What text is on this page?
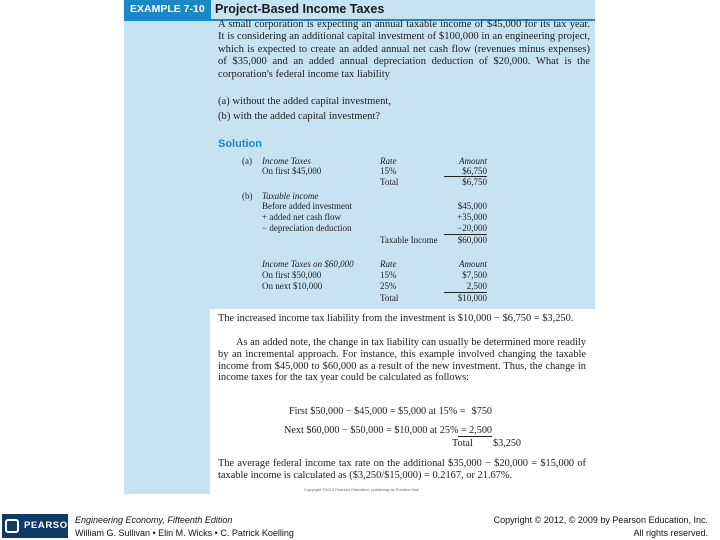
EXAMPLE 7-10 Project-Based Income Taxes
A small corporation is expecting an annual taxable income of $45,000 for its tax year. It is considering an additional capital investment of $100,000 in an engineering project, which is expected to create an added annual net cash flow (revenues minus expenses) of $35,000 and an added annual depreciation deduction of $20,000. What is the corporation's federal income tax liability
(a) without the added capital investment,
(b) with the added capital investment?
Solution
(a) Income Taxes	Rate	Amount
On first $45,000	15%	$6,750
Total	$6,750
(b) Taxable income
Before added investment	$45,000
+ added net cash flow	+35,000
− depreciation deduction	−20,000
Taxable Income	$60,000
Income Taxes on $60,000	Rate	Amount
On first $50,000	15%	$7,500
On next $10,000	25%	2,500
Total	$10,000
The increased income tax liability from the investment is $10,000 − $6,750 = $3,250.
As an added note, the change in tax liability can usually be determined more readily by an incremental approach. For instance, this example involved changing the taxable income from $45,000 to $60,000 as a result of the new investment. Thus, the change in income taxes for the tax year could be calculated as follows:
First $50,000 − $45,000 = $5,000 at 15% = $750
Next $60,000 − $50,000 = $10,000 at 25% = 2,500
Total	$3,250
The average federal income tax rate on the additional $35,000 − $20,000 = $15,000 of taxable income is calculated as ($3,250/$15,000) = 0.2167, or 21.67%.
Copyright ©2012 Pearson Education, publishing as Prentice Hall
PEARSON Engineering Economy, Fifteenth Edition
William G. Sullivan • Elin M. Wicks • C. Patrick Koelling
Copyright © 2012, © 2009 by Pearson Education, Inc.
All rights reserved.
